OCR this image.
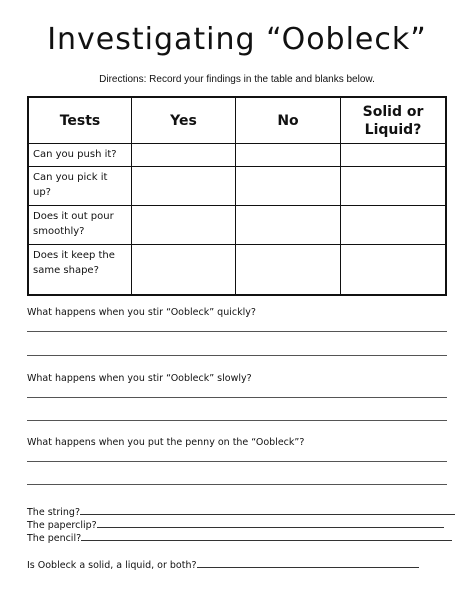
Investigating “Oobleck”
Directions: Record your findings in the table and blanks below.
Tests	Yes	No	Solid or
Liquid?
Can you push it?			
Can you pick it up?			
Does it out pour smoothly?			
Does it keep the same shape?			
What happens when you stir “Oobleck” quickly?
What happens when you stir “Oobleck” slowly?
What happens when you put the penny on the “Oobleck”?
The string?
The paperclip?
The pencil?
Is Oobleck a solid, a liquid, or both?
